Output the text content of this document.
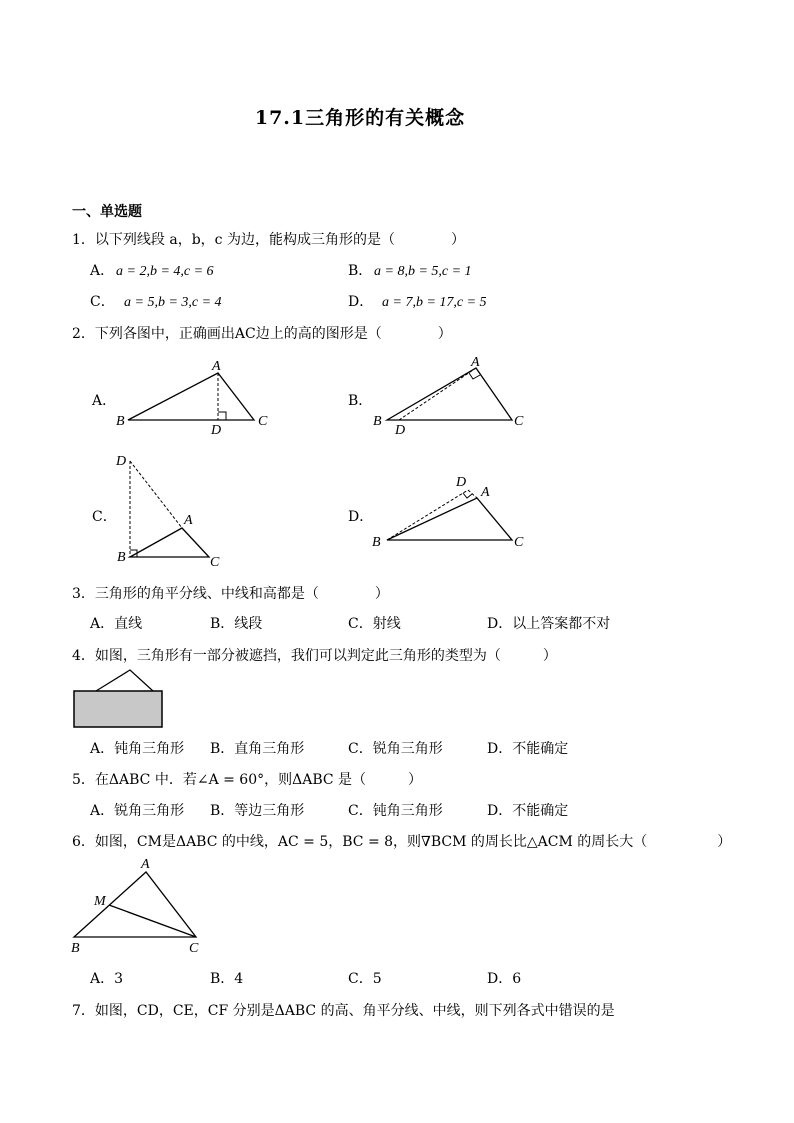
17.1三角形的有关概念
一、单选题
1．以下列线段 a，b，c 为边，能构成三角形的是（　　　　）
A． a = 2,b = 4,c = 6	B． a = 8,b = 5,c = 1
C． a = 5,b = 3,c = 4	D． a = 7,b = 17,c = 5
2．下列各图中，正确画出AC边上的高的图形是（　　　　）
A．
A
B	C
D
B．
A
B	C
D
C．	A
B	C
D
D．
A
B	C
D
3．三角形的角平分线、中线和高都是（　　　　）
A．直线	B．线段	C．射线	D．以上答案都不对
4．如图，三角形有一部分被遮挡，我们可以判定此三角形的类型为（　　　）
A．钝角三角形 B．直角三角形	C．锐角三角形	D．不能确定
5．在ΔABC 中．若∠A = 60°，则ΔABC 是（　　　）
A．锐角三角形 B．等边三角形	C．钝角三角形	D．不能确定
6．如图，CM是ΔABC 的中线，AC = 5，BC = 8，则∇BCM 的周长比△ACM 的周长大（　　　　　）
A
B	C
M
A．3	B．4	C．5	D．6
7．如图，CD，CE，CF 分别是ΔABC 的高、角平分线、中线，则下列各式中错误的是
